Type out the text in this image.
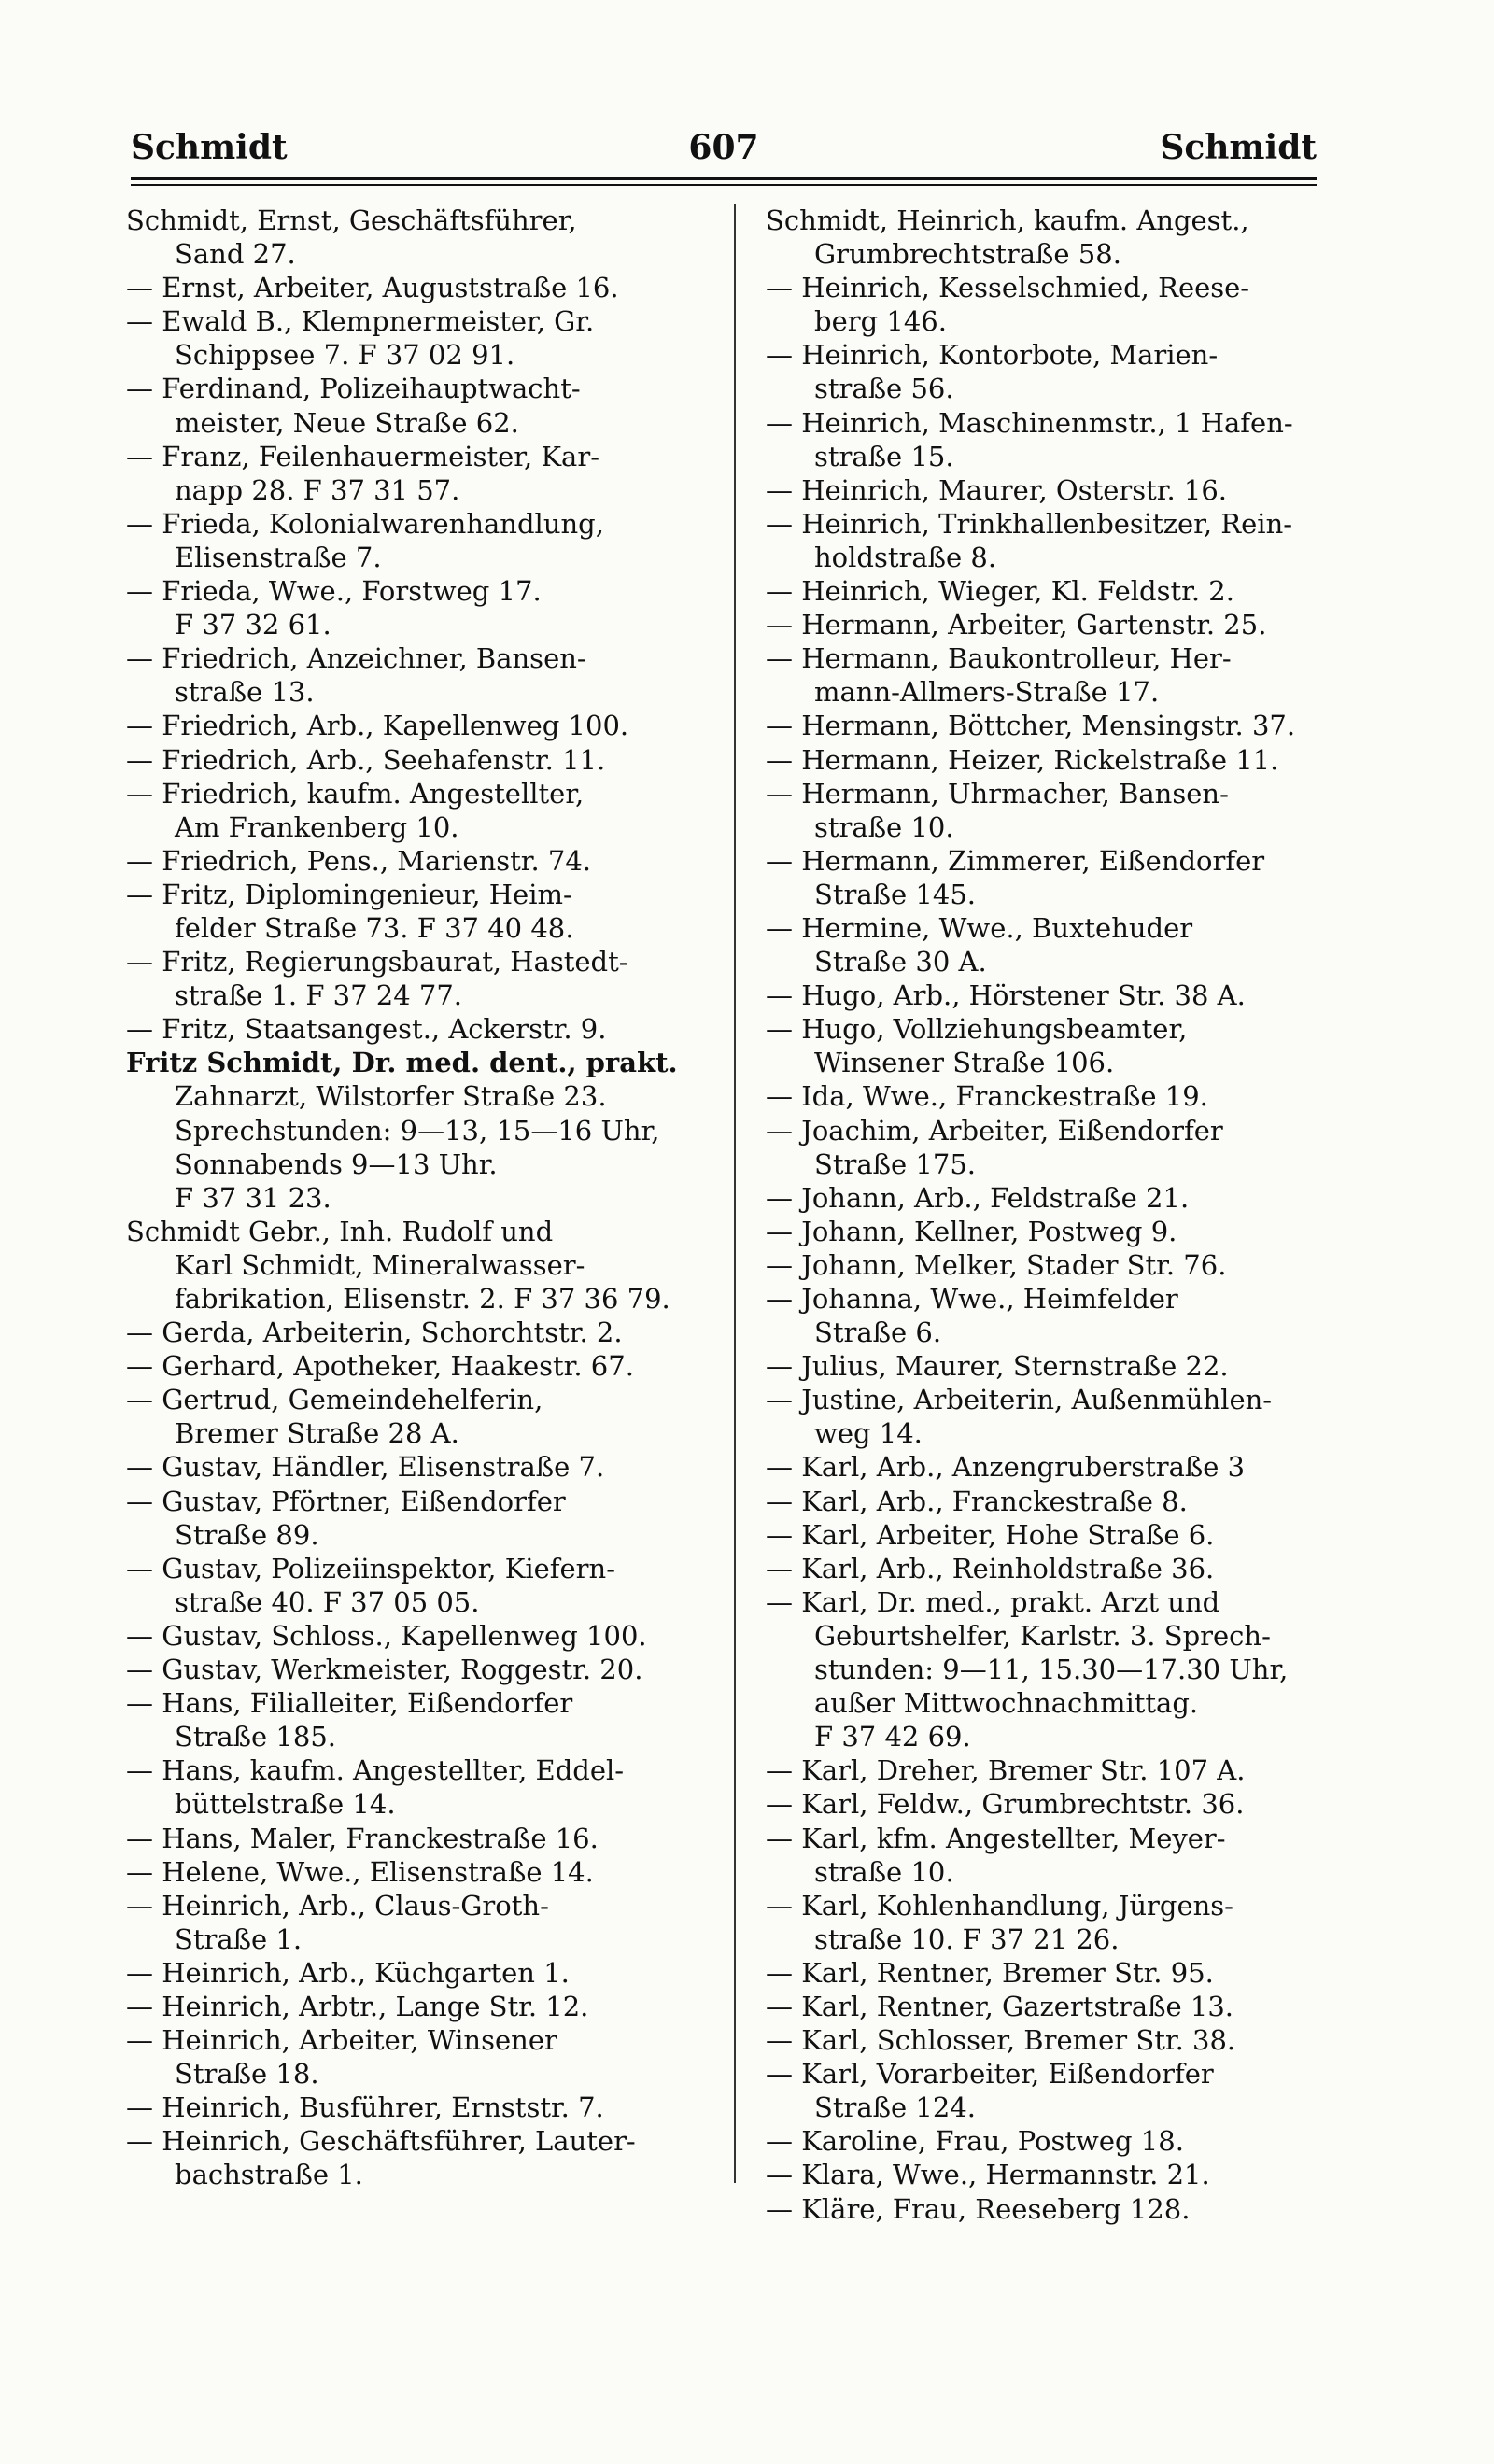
607
Schmidt	Schmidt
Schmidt, Ernst, Geschäftsführer,
Sand 27.
— Ernst, Arbeiter, Auguststraße 16.
— Ewald B., Klempnermeister, Gr.
Schippsee 7. F 37 02 91.
— Ferdinand, Polizeihauptwacht-
meister, Neue Straße 62.
— Franz, Feilenhauermeister, Kar-
napp 28. F 37 31 57.
— Frieda, Kolonialwarenhandlung,
Elisenstraße 7.
— Frieda, Wwe., Forstweg 17.
F 37 32 61.
— Friedrich, Anzeichner, Bansen-
straße 13.
— Friedrich, Arb., Kapellenweg 100.
— Friedrich, Arb., Seehafenstr. 11.
— Friedrich, kaufm. Angestellter,
Am Frankenberg 10.
— Friedrich, Pens., Marienstr. 74.
— Fritz, Diplomingenieur, Heim-
felder Straße 73. F 37 40 48.
— Fritz, Regierungsbaurat, Hastedt-
straße 1. F 37 24 77.
— Fritz, Staatsangest., Ackerstr. 9.
Fritz Schmidt, Dr. med. dent., prakt.
Zahnarzt, Wilstorfer Straße 23.
Sprechstunden: 9—13, 15—16 Uhr,
Sonnabends 9—13 Uhr.
F 37 31 23.
Schmidt Gebr., Inh. Rudolf und
Karl Schmidt, Mineralwasser-
fabrikation, Elisenstr. 2. F 37 36 79.
— Gerda, Arbeiterin, Schorchtstr. 2.
— Gerhard, Apotheker, Haakestr. 67.
— Gertrud, Gemeindehelferin,
Bremer Straße 28 A.
— Gustav, Händler, Elisenstraße 7.
— Gustav, Pförtner, Eißendorfer
Straße 89.
— Gustav, Polizeiinspektor, Kiefern-
straße 40. F 37 05 05.
— Gustav, Schloss., Kapellenweg 100.
— Gustav, Werkmeister, Roggestr. 20.
— Hans, Filialleiter, Eißendorfer
Straße 185.
— Hans, kaufm. Angestellter, Eddel-
büttelstraße 14.
— Hans, Maler, Franckestraße 16.
— Helene, Wwe., Elisenstraße 14.
— Heinrich, Arb., Claus-Groth-
Straße 1.
— Heinrich, Arb., Küchgarten 1.
— Heinrich, Arbtr., Lange Str. 12.
— Heinrich, Arbeiter, Winsener
Straße 18.
— Heinrich, Busführer, Ernststr. 7.
— Heinrich, Geschäftsführer, Lauter-
bachstraße 1.
Schmidt, Heinrich, kaufm. Angest.,
Grumbrechtstraße 58.
— Heinrich, Kesselschmied, Reese-
berg 146.
— Heinrich, Kontorbote, Marien-
straße 56.
— Heinrich, Maschinenmstr., 1 Hafen-
straße 15.
— Heinrich, Maurer, Osterstr. 16.
— Heinrich, Trinkhallenbesitzer, Rein-
holdstraße 8.
— Heinrich, Wieger, Kl. Feldstr. 2.
— Hermann, Arbeiter, Gartenstr. 25.
— Hermann, Baukontrolleur, Her-
mann-Allmers-Straße 17.
— Hermann, Böttcher, Mensingstr. 37.
— Hermann, Heizer, Rickelstraße 11.
— Hermann, Uhrmacher, Bansen-
straße 10.
— Hermann, Zimmerer, Eißendorfer
Straße 145.
— Hermine, Wwe., Buxtehuder
Straße 30 A.
— Hugo, Arb., Hörstener Str. 38 A.
— Hugo, Vollziehungsbeamter,
Winsener Straße 106.
— Ida, Wwe., Franckestraße 19.
— Joachim, Arbeiter, Eißendorfer
Straße 175.
— Johann, Arb., Feldstraße 21.
— Johann, Kellner, Postweg 9.
— Johann, Melker, Stader Str. 76.
— Johanna, Wwe., Heimfelder
Straße 6.
— Julius, Maurer, Sternstraße 22.
— Justine, Arbeiterin, Außenmühlen-
weg 14.
— Karl, Arb., Anzengruberstraße 3
— Karl, Arb., Franckestraße 8.
— Karl, Arbeiter, Hohe Straße 6.
— Karl, Arb., Reinholdstraße 36.
— Karl, Dr. med., prakt. Arzt und
Geburtshelfer, Karlstr. 3. Sprech-
stunden: 9—11, 15.30—17.30 Uhr,
außer Mittwochnachmittag.
F 37 42 69.
— Karl, Dreher, Bremer Str. 107 A.
— Karl, Feldw., Grumbrechtstr. 36.
— Karl, kfm. Angestellter, Meyer-
straße 10.
— Karl, Kohlenhandlung, Jürgens-
straße 10. F 37 21 26.
— Karl, Rentner, Bremer Str. 95.
— Karl, Rentner, Gazertstraße 13.
— Karl, Schlosser, Bremer Str. 38.
— Karl, Vorarbeiter, Eißendorfer
Straße 124.
— Karoline, Frau, Postweg 18.
— Klara, Wwe., Hermannstr. 21.
— Kläre, Frau, Reeseberg 128.
